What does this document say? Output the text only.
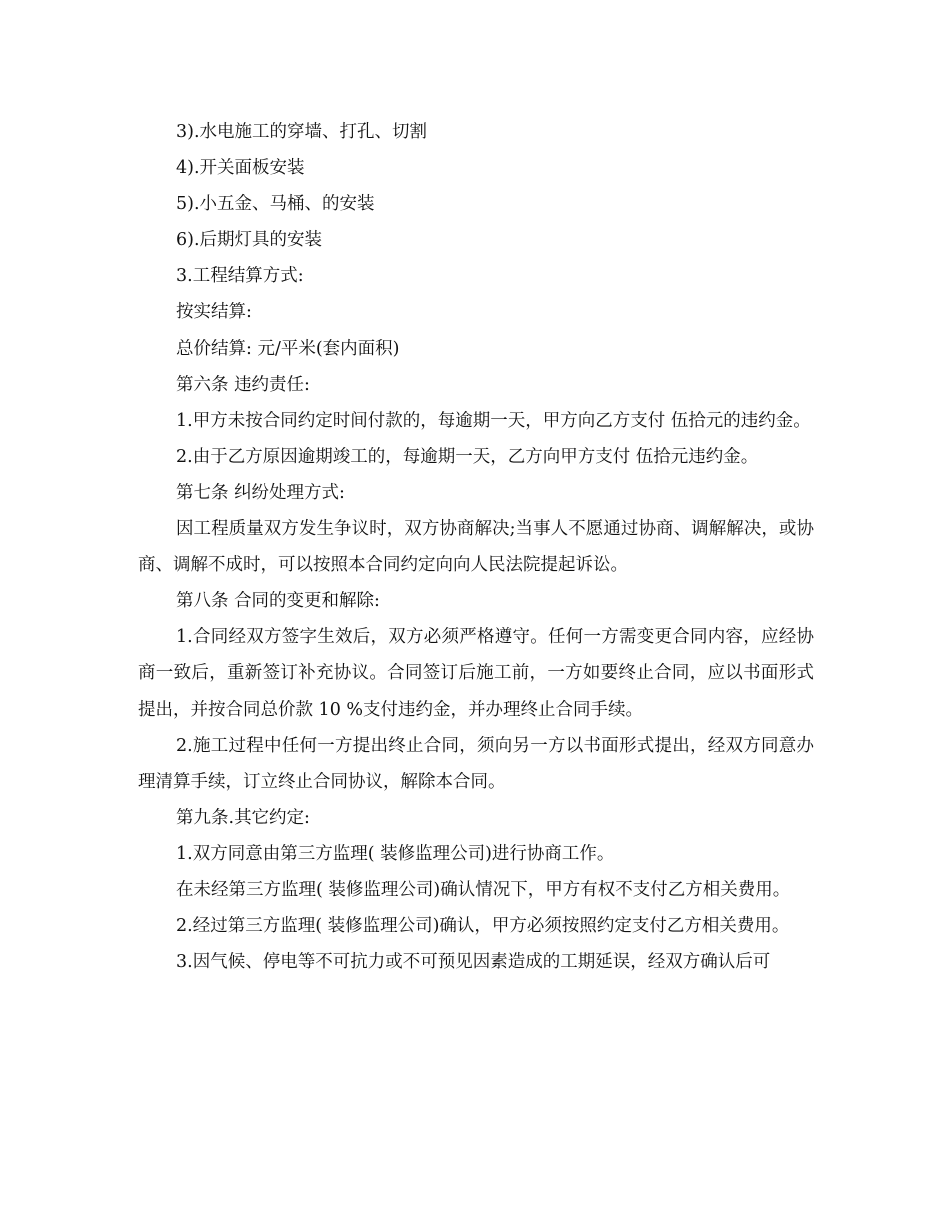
3).水电施工的穿墙、打孔、切割

4).开关面板安装

5).小五金、马桶、的安装

6).后期灯具的安装

3.工程结算方式:

按实结算:

总价结算: 元/平米(套内面积)

第六条 违约责任:

1.甲方未按合同约定时间付款的，每逾期一天，甲方向乙方支付 伍拾元的违约金。

2.由于乙方原因逾期竣工的，每逾期一天，乙方向甲方支付 伍拾元违约金。

第七条 纠纷处理方式:

因工程质量双方发生争议时，双方协商解决;当事人不愿通过协商、调解解决，或协商、调解不成时，可以按照本合同约定向向人民法院提起诉讼。

第八条 合同的变更和解除:

1.合同经双方签字生效后，双方必须严格遵守。任何一方需变更合同内容，应经协商一致后，重新签订补充协议。合同签订后施工前，一方如要终止合同，应以书面形式提出，并按合同总价款 10 %支付违约金，并办理终止合同手续。

2.施工过程中任何一方提出终止合同，须向另一方以书面形式提出，经双方同意办理清算手续，订立终止合同协议，解除本合同。

第九条.其它约定:

1.双方同意由第三方监理( 装修监理公司)进行协商工作。

在未经第三方监理( 装修监理公司)确认情况下，甲方有权不支付乙方相关费用。

2.经过第三方监理( 装修监理公司)确认，甲方必须按照约定支付乙方相关费用。

3.因气候、停电等不可抗力或不可预见因素造成的工期延误，经双方确认后可
